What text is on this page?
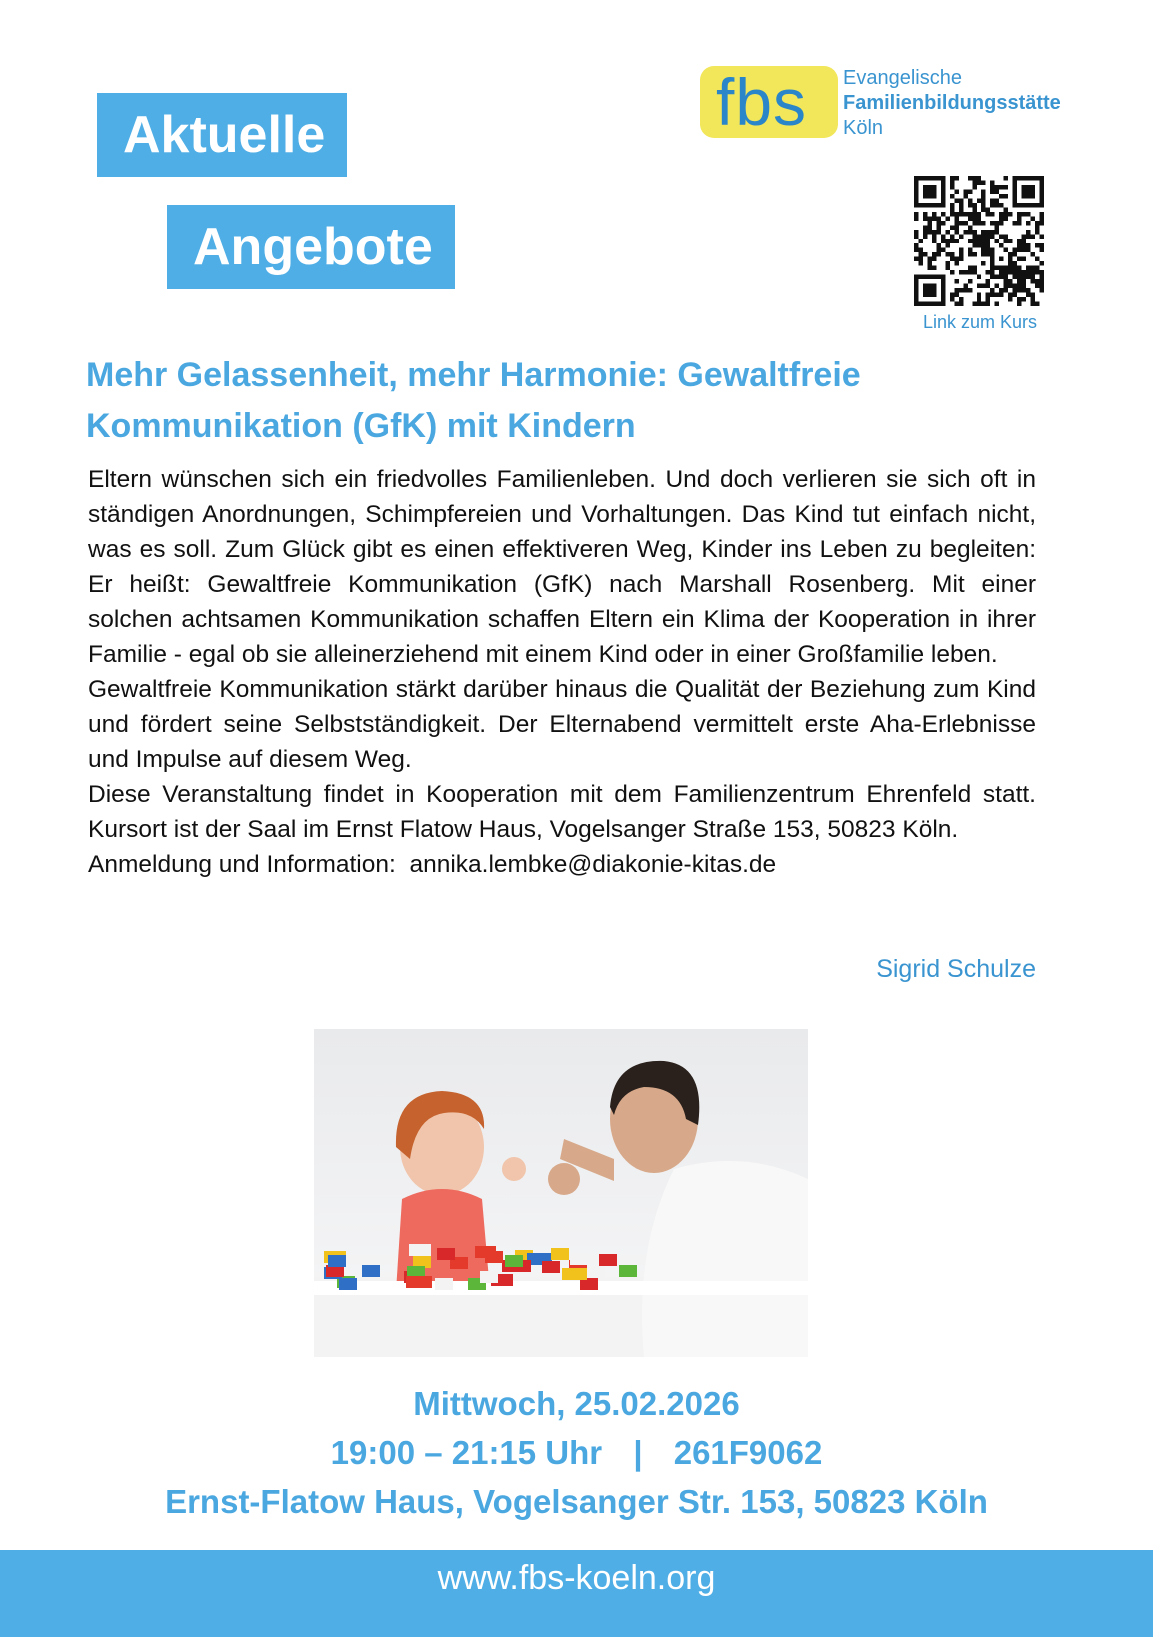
Aktuelle
Angebote
fbs Evangelische
Familienbildungsstätte
Köln
Link zum Kurs
Mehr Gelassenheit, mehr Harmonie: Gewaltfreie
Kommunikation (GfK) mit Kindern

Eltern wünschen sich ein friedvolles Familienleben. Und doch verlieren sie sich oft in ständigen Anordnungen, Schimpfereien und Vorhaltungen. Das Kind tut einfach nicht, was es soll. Zum Glück gibt es einen effektiveren Weg, Kinder ins Leben zu begleiten: Er heißt: Gewaltfreie Kommunikation (GfK) nach Marshall Rosenberg. Mit einer solchen achtsamen Kommunikation schaffen Eltern ein Klima der Kooperation in ihrer Familie - egal ob sie alleinerziehend mit einem Kind oder in einer Großfamilie leben.

Gewaltfreie Kommunikation stärkt darüber hinaus die Qualität der Beziehung zum Kind und fördert seine Selbstständigkeit. Der Elternabend vermittelt erste Aha-Erlebnisse und Impulse auf diesem Weg.

Diese Veranstaltung findet in Kooperation mit dem Familienzentrum Ehrenfeld statt. Kursort ist der Saal im Ernst Flatow Haus, Vogelsanger Straße 153, 50823 Köln.

Anmeldung und Information: annika.lembke@diakonie-kitas.de

Sigrid Schulze
Mittwoch, 25.02.2026
19:00 – 21:15 Uhr | 261F9062
Ernst-Flatow Haus, Vogelsanger Str. 153, 50823 Köln
www.fbs-koeln.org
